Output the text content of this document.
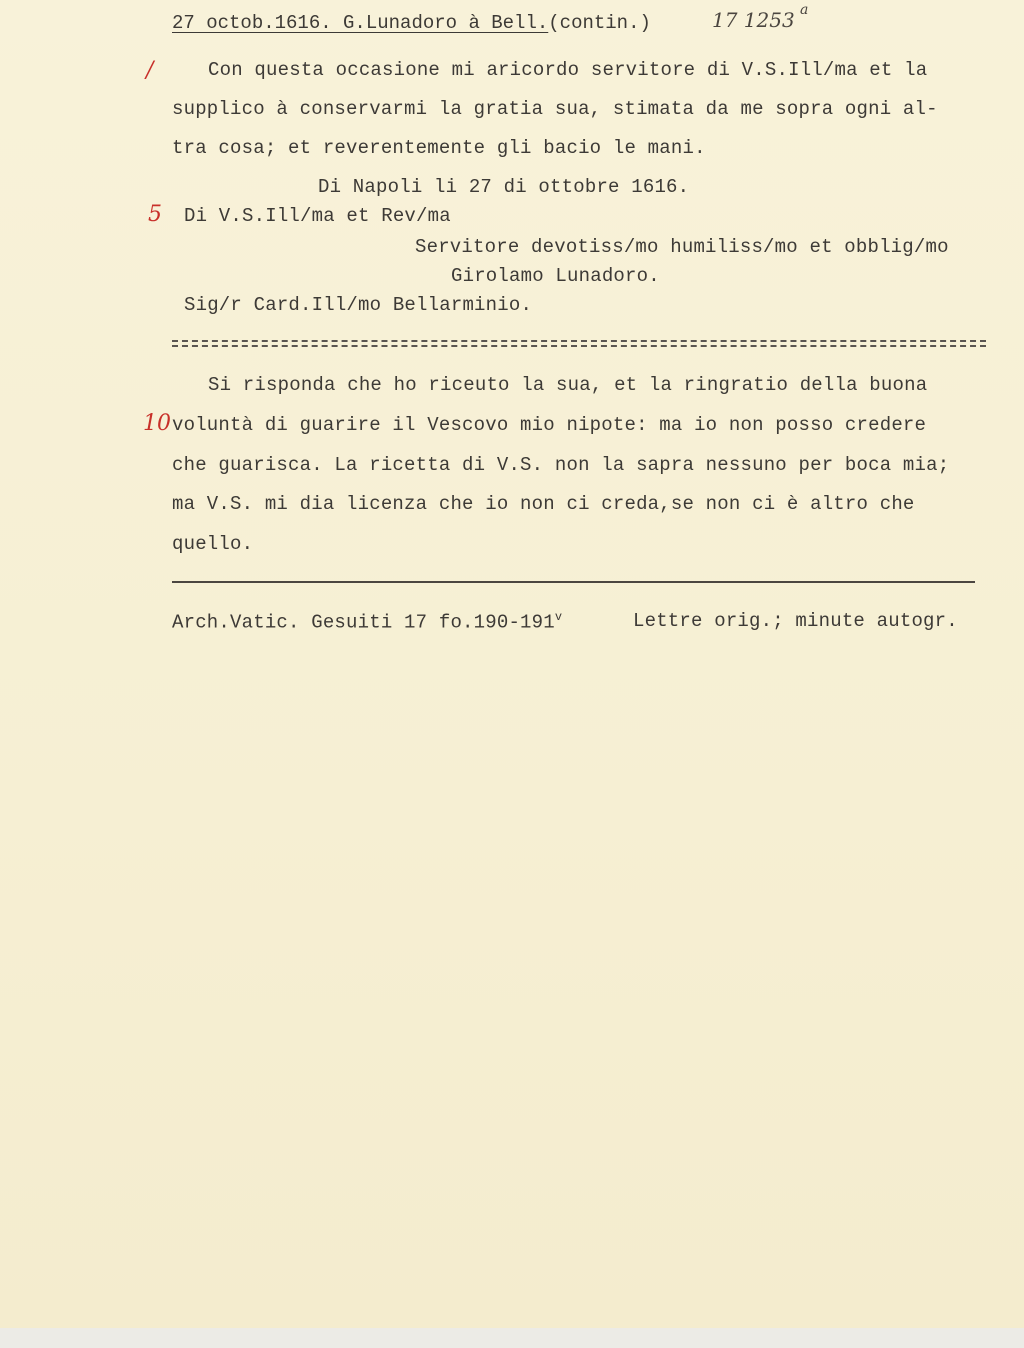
27 octob.1616. G.Lunadoro à Bell.(contin.)	17 1253 a
/	Con questa occasione mi aricordo servitore di V.S.Ill/ma et la
supplico à conservarmi la gratia sua, stimata da me sopra ogni al-
tra cosa; et reverentemente gli bacio le mani.
Di Napoli li 27 di ottobre 1616.
5 Di V.S.Ill/ma et Rev/ma
Servitore devotiss/mo humiliss/mo et obblig/mo
Girolamo Lunadoro.
Sig/r Card.Ill/mo Bellarminio.
Si risponda che ho riceuto la sua, et la ringratio della buona
10 voluntà di guarire il Vescovo mio nipote: ma io non posso credere
che guarisca. La ricetta di V.S. non la sapra nessuno per boca mia;
ma V.S. mi dia licenza che io non ci creda,se non ci è altro che
quello.
Arch.Vatic. Gesuiti 17 fo.190-191$^v$	Lettre orig.; minute autogr.
